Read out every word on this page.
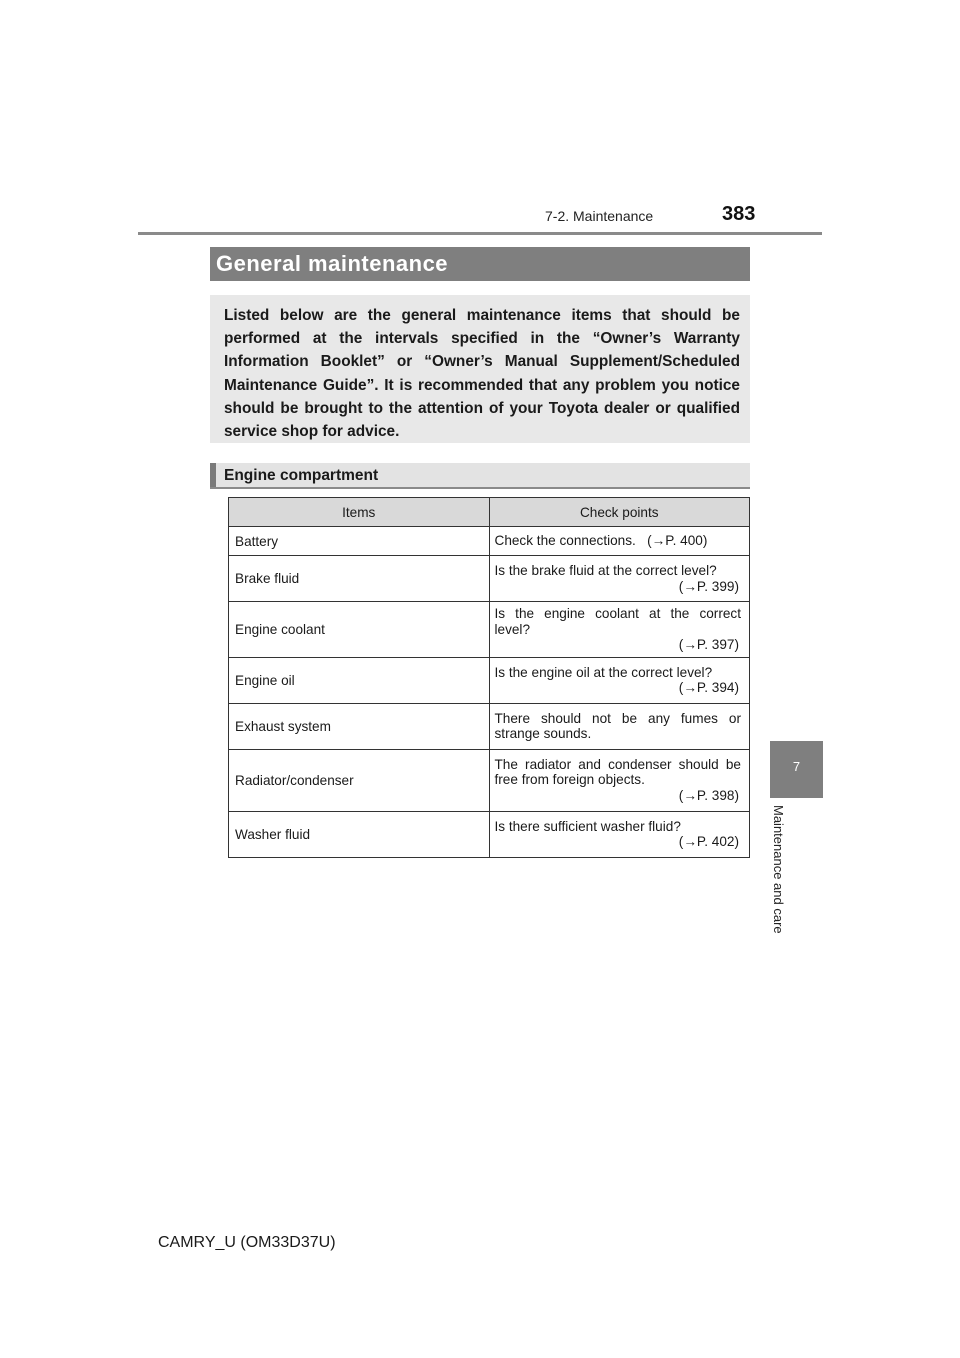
7-2. Maintenance	383
General maintenance

Listed below are the general maintenance items that should be performed at the intervals specified in the “Owner’s Warranty Information Booklet” or “Owner’s Manual Supplement/Scheduled Maintenance Guide”. It is recommended that any problem you notice should be brought to the attention of your Toyota dealer or qualified service shop for advice.

Engine compartment
Items	Check points
Battery	Check the connections. (→P. 400)
Brake fluid	Is the brake fluid at the correct level?
(→P. 399)

Engine coolant	Is the engine coolant at the correct level?
(→P. 397)

Engine oil	Is the engine oil at the correct level?
(→P. 394)

Exhaust system	There should not be any fumes or strange sounds.

Radiator/condenser	The radiator and condenser should be free from foreign objects.
(→P. 398)

Washer fluid	Is there sufficient washer fluid?
(→P. 402)
7
Maintenance and care
CAMRY_U (OM33D37U)
